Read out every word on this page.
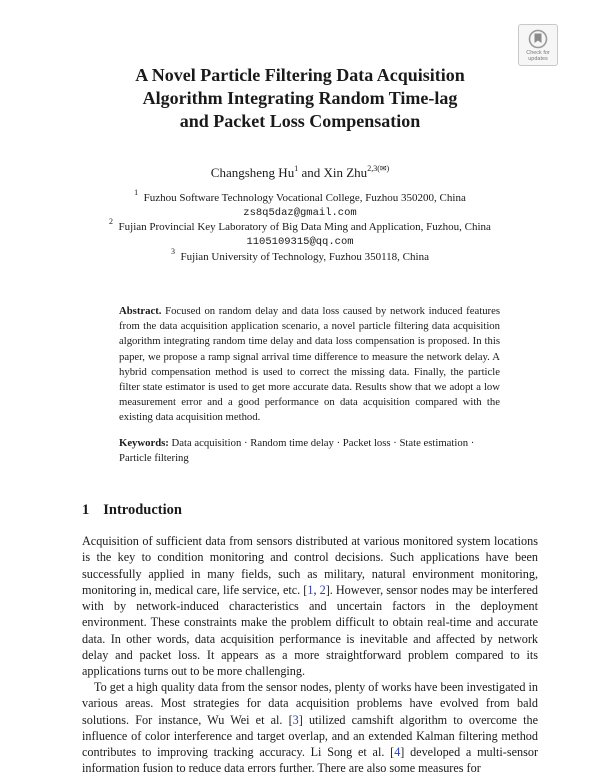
Check for
updates
A Novel Particle Filtering Data Acquisition
Algorithm Integrating Random Time-lag
and Packet Loss Compensation
Changsheng Hu$^1$ and Xin Zhu$^{2,3(✉)}$
$^1$ Fuzhou Software Technology Vocational College, Fuzhou 350200, China
zs8q5daz@gmail.com
$^2$ Fujian Provincial Key Laboratory of Big Data Ming and Application, Fuzhou, China
1105109315@qq.com
$^3$ Fujian University of Technology, Fuzhou 350118, China
Abstract. Focused on random delay and data loss caused by network induced features from the data acquisition application scenario, a novel particle filtering data acquisition algorithm integrating random time delay and data loss compensation is proposed. In this paper, we propose a ramp signal arrival time difference to measure the network delay. A hybrid compensation method is used to correct the missing data. Finally, the particle filter state estimator is used to get more accurate data. Results show that we adopt a low measurement error and a good performance on data acquisition compared with the existing data acquisition method.
Keywords: Data acquisition · Random time delay · Packet loss · State estimation · Particle filtering
1 Introduction

Acquisition of sufficient data from sensors distributed at various monitored system locations is the key to condition monitoring and control decisions. Such applications have been successfully applied in many fields, such as military, natural environment monitoring, monitoring in, medical care, life service, etc. [1, 2]. However, sensor nodes may be interfered with by network-induced characteristics and uncertain factors in the deployment environment. These constraints make the problem difficult to obtain real-time and accurate data. In other words, data acquisition performance is inevitable and affected by network delay and packet loss. It appears as a more straightforward problem compared to its applications turns out to be more challenging.

To get a high quality data from the sensor nodes, plenty of works have been investigated in various areas. Most strategies for data acquisition problems have evolved from bald solutions. For instance, Wu Wei et al. [3] utilized camshift algorithm to overcome the influence of color interference and target overlap, and an extended Kalman filtering method contributes to improving tracking accuracy. Li Song et al. [4] developed a multi-sensor information fusion to reduce data errors further. There are also some measures for
